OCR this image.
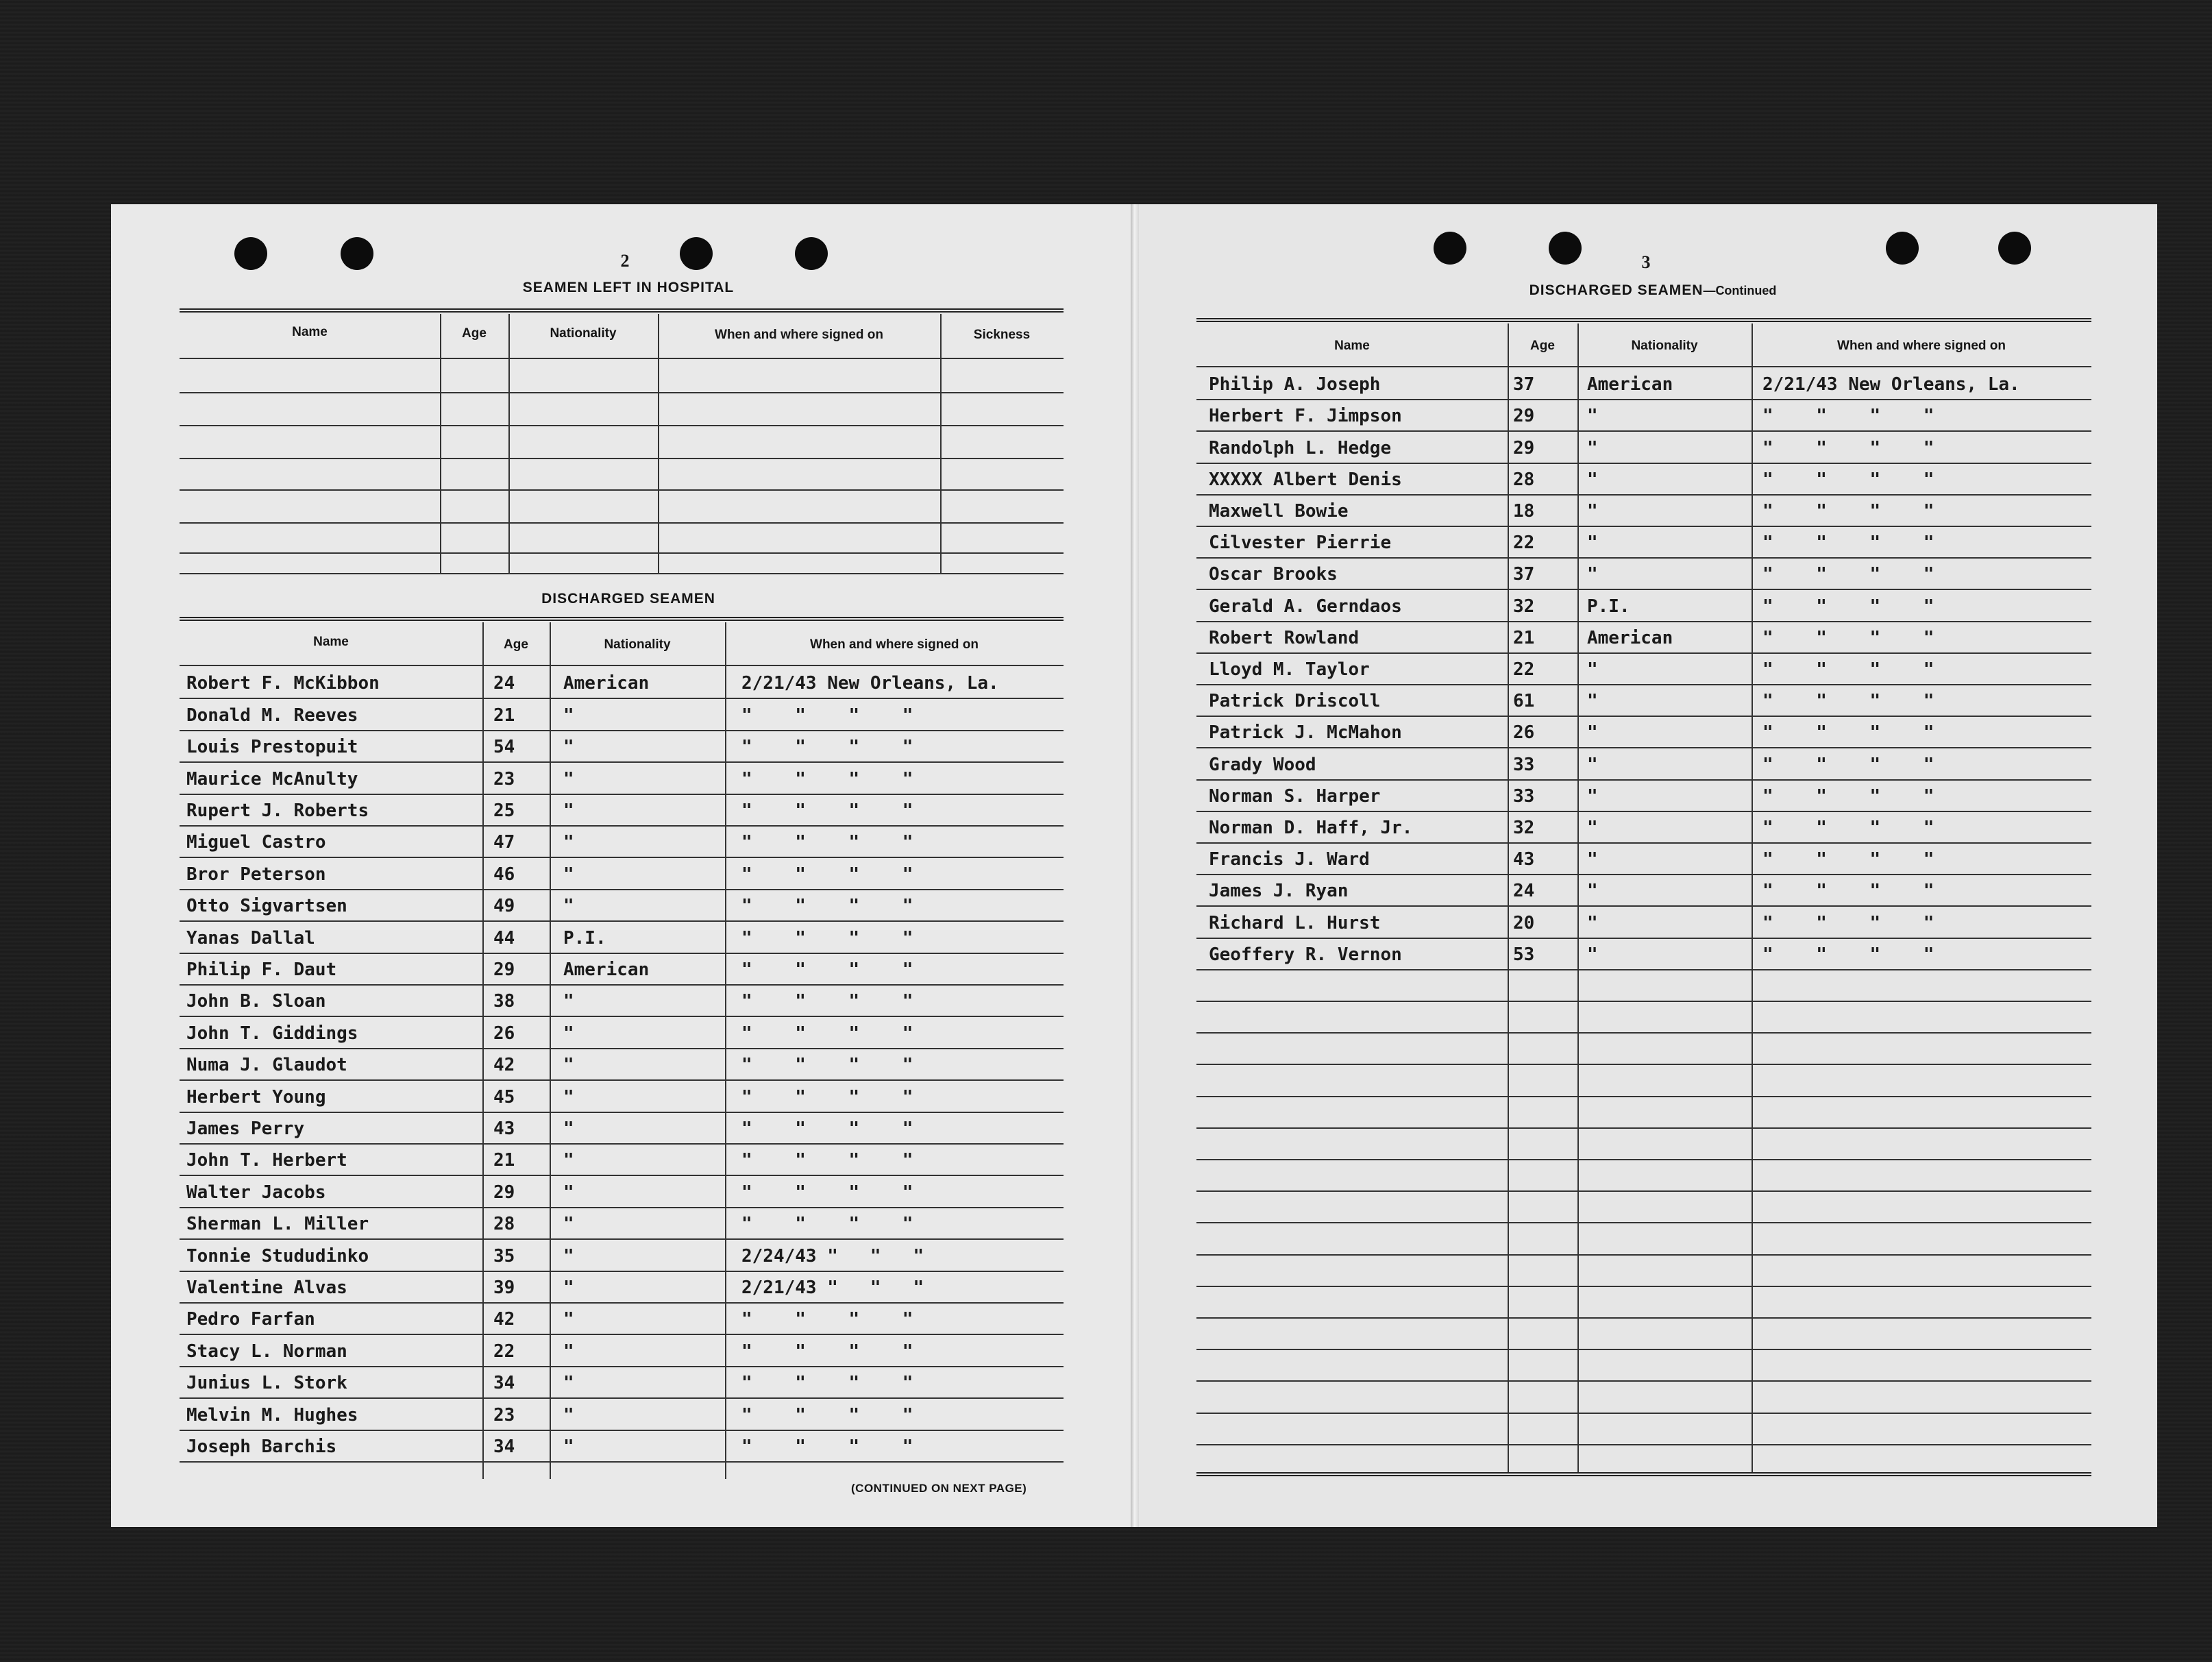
2
SEAMEN LEFT IN HOSPITAL
Name	Age	Nationality	When and where signed on	Sickness
DISCHARGED SEAMEN
Name	Age	Nationality	When and where signed on
Robert F. McKibbon	24	American	2/21/43 New Orleans, La.
Donald M. Reeves	21	"	"    "    "    "
Louis Prestopuit	54	"	"    "    "    "
Maurice McAnulty	23	"	"    "    "    "
Rupert J. Roberts	25	"	"    "    "    "
Miguel Castro	47	"	"    "    "    "
Bror Peterson	46	"	"    "    "    "
Otto Sigvartsen	49	"	"    "    "    "
Yanas Dallal	44	P.I.	"    "    "    "
Philip F. Daut	29	American	"    "    "    "
John B. Sloan	38	"	"    "    "    "
John T. Giddings	26	"	"    "    "    "
Numa J. Glaudot	42	"	"    "    "    "
Herbert Young	45	"	"    "    "    "
James Perry	43	"	"    "    "    "
John T. Herbert	21	"	"    "    "    "
Walter Jacobs	29	"	"    "    "    "
Sherman L. Miller	28	"	"    "    "    "
Tonnie Stududinko	35	"	2/24/43 "   "   "
Valentine Alvas	39	"	2/21/43 "   "   "
Pedro Farfan	42	"	"    "    "    "
Stacy L. Norman	22	"	"    "    "    "
Junius L. Stork	34	"	"    "    "    "
Melvin M. Hughes	23	"	"    "    "    "
Joseph Barchis	34	"	"    "    "    "
(CONTINUED ON NEXT PAGE)
3
DISCHARGED SEAMEN—Continued
Name	Age	Nationality	When and where signed on
Philip A. Joseph	37	American	2/21/43 New Orleans, La.
Herbert F. Jimpson	29	"	"    "    "    "
Randolph L. Hedge	29	"	"    "    "    "
XXXXX Albert Denis	28	"	"    "    "    "
Maxwell Bowie	18	"	"    "    "    "
Cilvester Pierrie	22	"	"    "    "    "
Oscar Brooks	37	"	"    "    "    "
Gerald A. Gerndaos	32	P.I.	"    "    "    "
Robert Rowland	21	American	"    "    "    "
Lloyd M. Taylor	22	"	"    "    "    "
Patrick Driscoll	61	"	"    "    "    "
Patrick J. McMahon	26	"	"    "    "    "
Grady Wood	33	"	"    "    "    "
Norman S. Harper	33	"	"    "    "    "
Norman D. Haff, Jr.	32	"	"    "    "    "
Francis J. Ward	43	"	"    "    "    "
James J. Ryan	24	"	"    "    "    "
Richard L. Hurst	20	"	"    "    "    "
Geoffery R. Vernon	53	"	"    "    "    "
